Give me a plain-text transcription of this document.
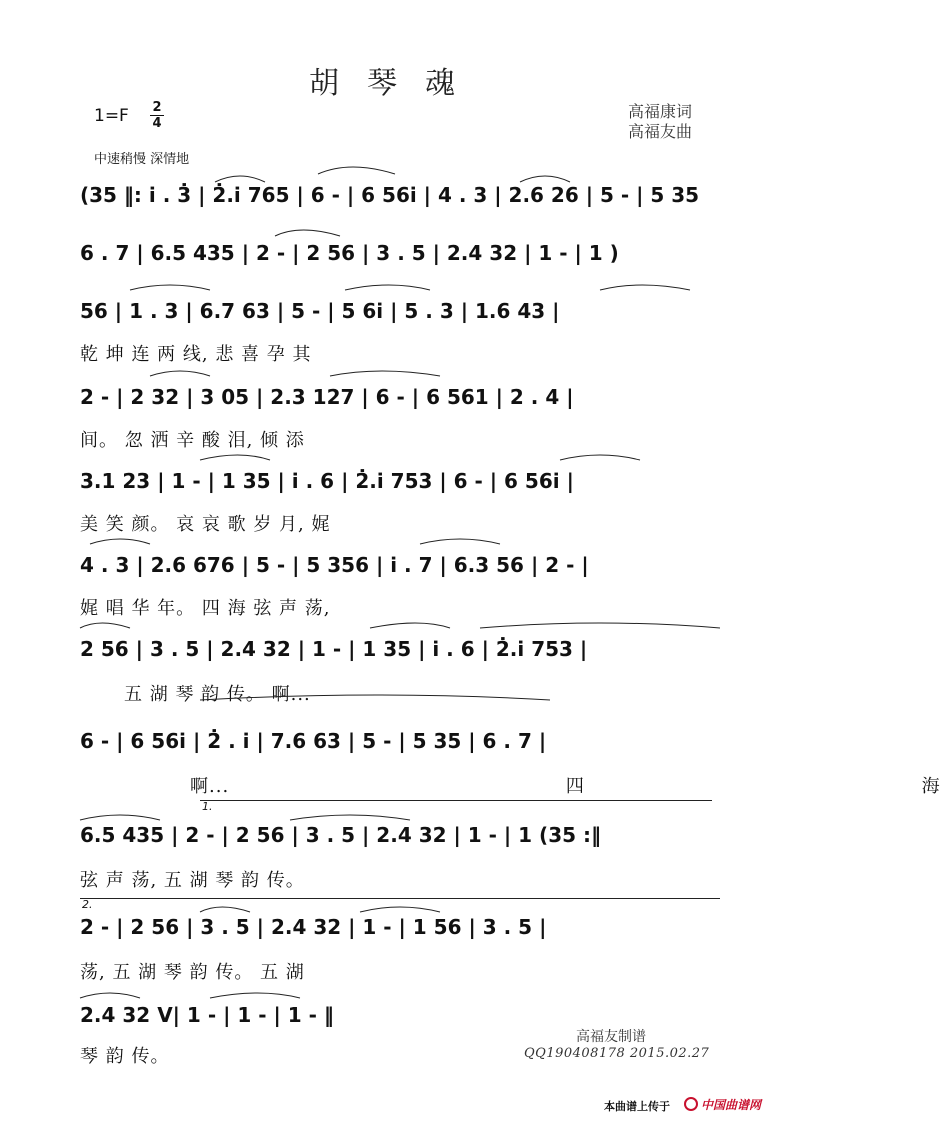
胡琴魂
1=F 2
4
高福康词
高福友曲
中速稍慢 深情地
(35 ‖: i̇ . 3̇ | 2̇.i̇ 765 | 6 - | 6 56i̇ | 4 . 3 | 2.6 26 | 5 - | 5 35
6 . 7 | 6.5 435 | 2 - | 2 56 | 3 . 5 | 2.4 32 | 1 - | 1 )
56 | 1 . 3 | 6.7 63 | 5 - | 5 6i̇ | 5 . 3 | 1.6 43 |
乾 坤 连 两 线, 悲 喜 孕 其
2 - | 2 32 | 3 05 | 2.3 127 | 6 - | 6 561 | 2 . 4 |
间。 忽 洒 辛 酸 泪, 倾 添
3.1 23 | 1 - | 1 35 | i̇ . 6 | 2̇.i̇ 753 | 6 - | 6 56i̇ |
美 笑 颜。 哀 哀 歌 岁 月, 娓
4 . 3 | 2.6 676 | 5 - | 5 356 | i̇ . 7 | 6.3 56 | 2 - |
娓 唱 华 年。 四 海 弦 声 荡,
2 56 | 3 . 5 | 2.4 32 | 1 - | 1 35 | i̇ . 6 | 2̇.i̇ 753 |
五 湖 琴 韵 传。 啊...
6 - | 6 56i̇ | 2̇ . i̇ | 7.6 63 | 5 - | 5 35 | 6 . 7 |
啊... 四 海
6.5 435 | 2 - | 2 56 | 3 . 5 | 2.4 32 | 1 - | 1 (35 :‖
弦 声 荡, 五 湖 琴 韵 传。
2 - | 2 56 | 3 . 5 | 2.4 32 | 1 - | 1 56 | 3 . 5 |
荡, 五 湖 琴 韵 传。 五 湖
2.4 32 V| 1 - | 1 - | 1 - ‖
琴 韵 传。
1.
2.
高福友制谱
QQ190408178 2015.02.27
本曲谱上传于	中国曲谱网
